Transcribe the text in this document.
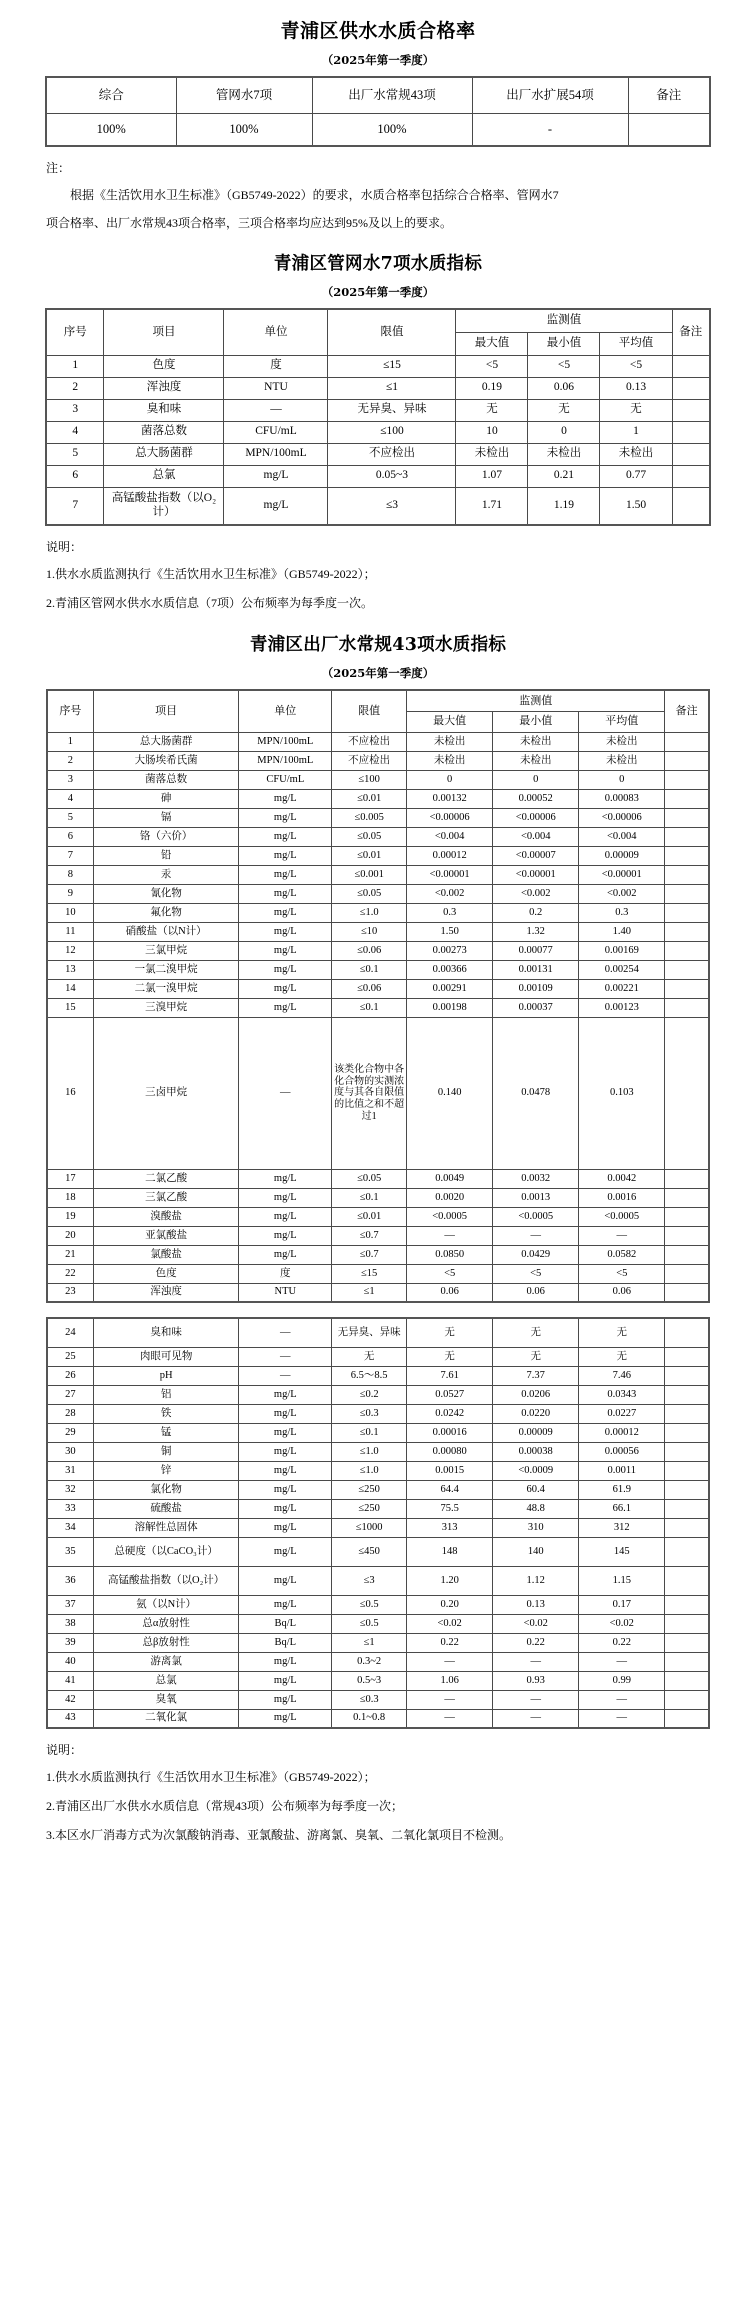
青浦区供水水质合格率
（2025年第一季度）
综合	管网水7项	出厂水常规43项	出厂水扩展54项	备注
100%	100%	100%	-	

注：

根据《生活饮用水卫生标准》（GB5749-2022）的要求，水质合格率包括综合合格率、管网水7

项合格率、出厂水常规43项合格率，三项合格率均应达到95%及以上的要求。

青浦区管网水7项水质指标
（2025年第一季度）
序号	项目	单位	限值	监测值			备注
				最大值	最小值	平均值	
1	色度	度	≤15	<5	<5	<5	
2	浑浊度	NTU	≤1	0.19	0.06	0.13	
3	臭和味	—	无异臭、异味	无	无	无	
4	菌落总数	CFU/mL	≤100	10	0	1	
5	总大肠菌群	MPN/100mL	不应检出	未检出	未检出	未检出	
6	总氯	mg/L	0.05~3	1.07	0.21	0.77	
7	高锰酸盐指数（以O₂计）	mg/L	≤3	1.71	1.19	1.50	

说明：

1.供水水质监测执行《生活饮用水卫生标准》（GB5749-2022）；

2.青浦区管网水供水水质信息（7项）公布频率为每季度一次。

青浦区出厂水常规43项水质指标
（2025年第一季度）
序号	项目	单位	限值	监测值			备注
				最大值	最小值	平均值	
1	总大肠菌群	MPN/100mL	不应检出	未检出	未检出	未检出	
2	大肠埃希氏菌	MPN/100mL	不应检出	未检出	未检出	未检出	
3	菌落总数	CFU/mL	≤100	0	0	0	
4	砷	mg/L	≤0.01	0.00132	0.00052	0.00083	
5	镉	mg/L	≤0.005	<0.00006	<0.00006	<0.00006	
6	铬（六价）	mg/L	≤0.05	<0.004	<0.004	<0.004	
7	铅	mg/L	≤0.01	0.00012	<0.00007	0.00009	
8	汞	mg/L	≤0.001	<0.00001	<0.00001	<0.00001	
9	氰化物	mg/L	≤0.05	<0.002	<0.002	<0.002	
10	氟化物	mg/L	≤1.0	0.3	0.2	0.3	
11	硝酸盐（以N计）	mg/L	≤10	1.50	1.32	1.40	
12	三氯甲烷	mg/L	≤0.06	0.00273	0.00077	0.00169	
13	一氯二溴甲烷	mg/L	≤0.1	0.00366	0.00131	0.00254	
14	二氯一溴甲烷	mg/L	≤0.06	0.00291	0.00109	0.00221	
15	三溴甲烷	mg/L	≤0.1	0.00198	0.00037	0.00123	
16	三卤甲烷	—	该类化合物中各化合物的实测浓度与其各自限值的比值之和不超过1	0.140	0.0478	0.103	
17	二氯乙酸	mg/L	≤0.05	0.0049	0.0032	0.0042	
18	三氯乙酸	mg/L	≤0.1	0.0020	0.0013	0.0016	
19	溴酸盐	mg/L	≤0.01	<0.0005	<0.0005	<0.0005	
20	亚氯酸盐	mg/L	≤0.7	—	—	—	
21	氯酸盐	mg/L	≤0.7	0.0850	0.0429	0.0582	
22	色度	度	≤15	<5	<5	<5	
23	浑浊度	NTU	≤1	0.06	0.06	0.06	
24	臭和味	—	无异臭、异味	无	无	无	
25	肉眼可见物	—	无	无	无	无	
26	pH	—	6.5～8.5	7.61	7.37	7.46	
27	铝	mg/L	≤0.2	0.0527	0.0206	0.0343	
28	铁	mg/L	≤0.3	0.0242	0.0220	0.0227	
29	锰	mg/L	≤0.1	0.00016	0.00009	0.00012	
30	铜	mg/L	≤1.0	0.00080	0.00038	0.00056	
31	锌	mg/L	≤1.0	0.0015	<0.0009	0.0011	
32	氯化物	mg/L	≤250	64.4	60.4	61.9	
33	硫酸盐	mg/L	≤250	75.5	48.8	66.1	
34	溶解性总固体	mg/L	≤1000	313	310	312	
35	总硬度（以CaCO₃计）	mg/L	≤450	148	140	145	
36	高锰酸盐指数（以O₂计）	mg/L	≤3	1.20	1.12	1.15	
37	氨（以N计）	mg/L	≤0.5	0.20	0.13	0.17	
38	总α放射性	Bq/L	≤0.5	<0.02	<0.02	<0.02	
39	总β放射性	Bq/L	≤1	0.22	0.22	0.22	
40	游离氯	mg/L	0.3~2	—	—	—	
41	总氯	mg/L	0.5~3	1.06	0.93	0.99	
42	臭氧	mg/L	≤0.3	—	—	—	
43	二氧化氯	mg/L	0.1~0.8	—	—	—	

说明：

1.供水水质监测执行《生活饮用水卫生标准》（GB5749-2022）；

2.青浦区出厂水供水水质信息（常规43项）公布频率为每季度一次；

3.本区水厂消毒方式为次氯酸钠消毒、亚氯酸盐、游离氯、臭氧、二氧化氯项目不检测。
